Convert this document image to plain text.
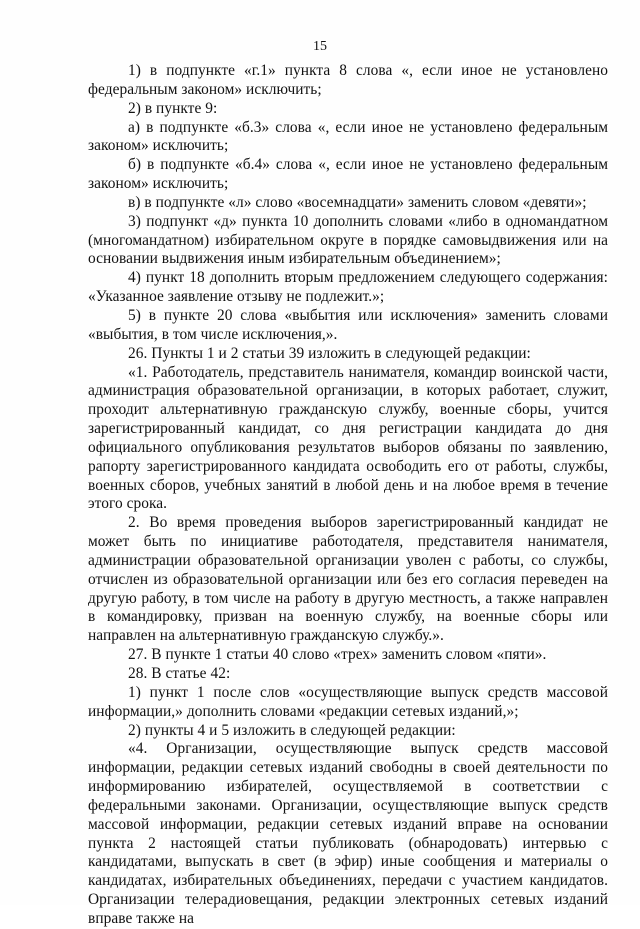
15

1) в подпункте «г.1» пункта 8 слова «, если иное не установлено федеральным законом» исключить;

2) в пункте 9:

а) в подпункте «б.3» слова «, если иное не установлено федеральным законом» исключить;

б) в подпункте «б.4» слова «, если иное не установлено федеральным законом» исключить;

в) в подпункте «л» слово «восемнадцати» заменить словом «девяти»;

3) подпункт «д» пункта 10 дополнить словами «либо в одномандатном (многомандатном) избирательном округе в порядке самовыдвижения или на основании выдвижения иным избирательным объединением»;

4) пункт 18 дополнить вторым предложением следующего содержания: «Указанное заявление отзыву не подлежит.»;

5) в пункте 20 слова «выбытия или исключения» заменить словами «выбытия, в том числе исключения,».

26. Пункты 1 и 2 статьи 39 изложить в следующей редакции:

«1. Работодатель, представитель нанимателя, командир воинской части, администрация образовательной организации, в которых работает, служит, проходит альтернативную гражданскую службу, военные сборы, учится зарегистрированный кандидат, со дня регистрации кандидата до дня официального опубликования результатов выборов обязаны по заявлению, рапорту зарегистрированного кандидата освободить его от работы, службы, военных сборов, учебных занятий в любой день и на любое время в течение этого срока.

2. Во время проведения выборов зарегистрированный кандидат не может быть по инициативе работодателя, представителя нанимателя, администрации образовательной организации уволен с работы, со службы, отчислен из образовательной организации или без его согласия переведен на другую работу, в том числе на работу в другую местность, а также направлен в командировку, призван на военную службу, на военные сборы или направлен на альтернативную гражданскую службу.».

27. В пункте 1 статьи 40 слово «трех» заменить словом «пяти».

28. В статье 42:

1) пункт 1 после слов «осуществляющие выпуск средств массовой информации,» дополнить словами «редакции сетевых изданий,»;

2) пункты 4 и 5 изложить в следующей редакции:

«4. Организации, осуществляющие выпуск средств массовой информации, редакции сетевых изданий свободны в своей деятельности по информированию избирателей, осуществляемой в соответствии с федеральными законами. Организации, осуществляющие выпуск средств массовой информации, редакции сетевых изданий вправе на основании пункта 2 настоящей статьи публиковать (обнародовать) интервью с кандидатами, выпускать в свет (в эфир) иные сообщения и материалы о кандидатах, избирательных объединениях, передачи с участием кандидатов. Организации телерадиовещания, редакции электронных сетевых изданий вправе также на
